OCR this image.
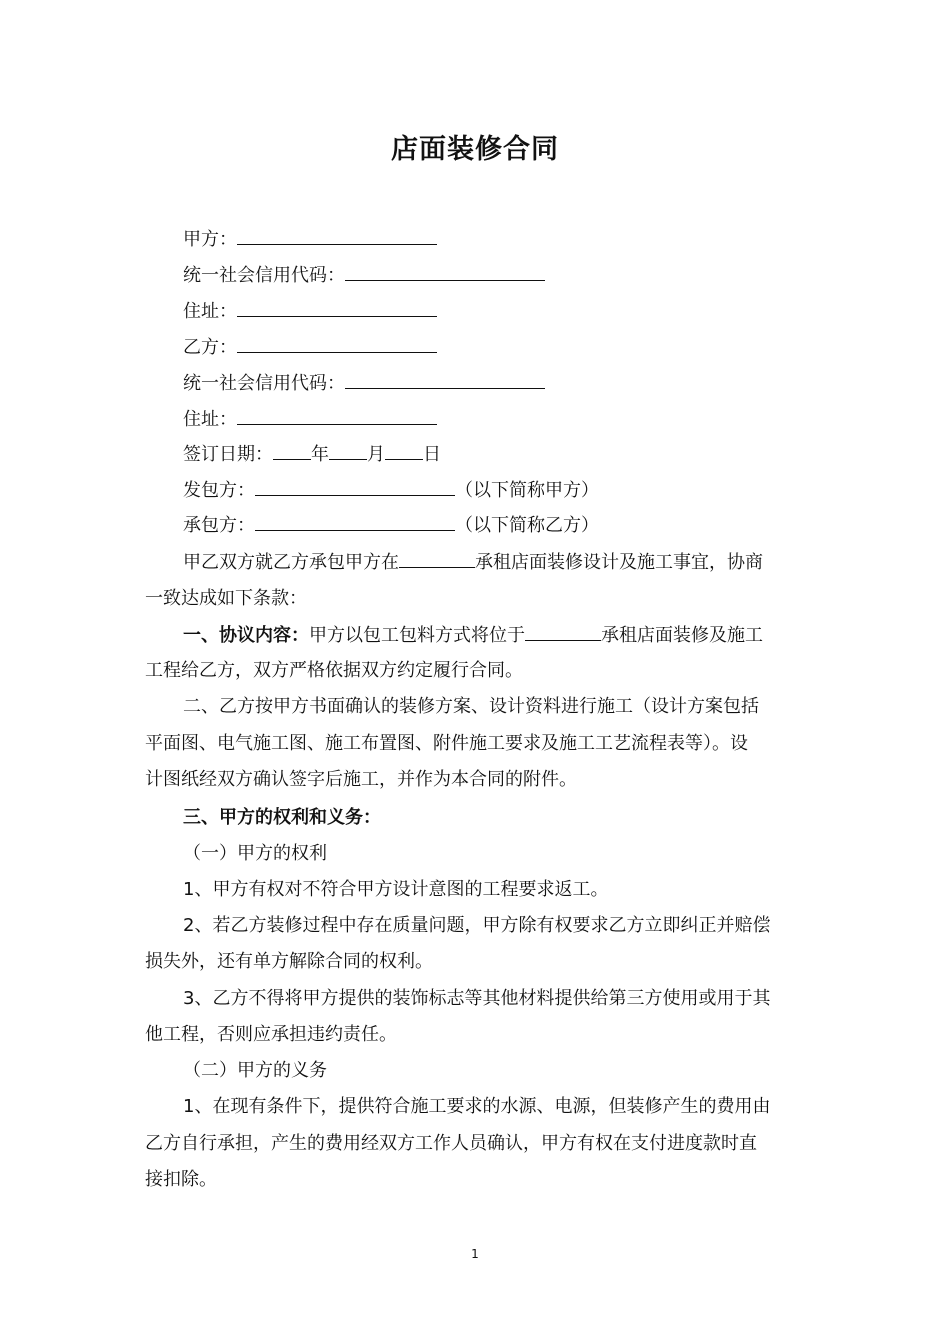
店面装修合同
甲方：
统一社会信用代码：
住址：
乙方：
统一社会信用代码：
住址：
签订日期： 年 月 日
发包方：	（以下简称甲方）
承包方：	（以下简称乙方）
甲乙双方就乙方承包甲方在	承租店面装修设计及施工事宜，协商
一致达成如下条款：
一、协议内容：甲方以包工包料方式将位于	承租店面装修及施工
工程给乙方，双方严格依据双方约定履行合同。
二、乙方按甲方书面确认的装修方案、设计资料进行施工（设计方案包括
平面图、电气施工图、施工布置图、附件施工要求及施工工艺流程表等）。设
计图纸经双方确认签字后施工，并作为本合同的附件。
三、甲方的权利和义务：
（一）甲方的权利
1、甲方有权对不符合甲方设计意图的工程要求返工。
2、若乙方装修过程中存在质量问题，甲方除有权要求乙方立即纠正并赔偿
损失外，还有单方解除合同的权利。
3、乙方不得将甲方提供的装饰标志等其他材料提供给第三方使用或用于其
他工程，否则应承担违约责任。
（二）甲方的义务
1、在现有条件下，提供符合施工要求的水源、电源，但装修产生的费用由
乙方自行承担，产生的费用经双方工作人员确认，甲方有权在支付进度款时直
接扣除。
1
